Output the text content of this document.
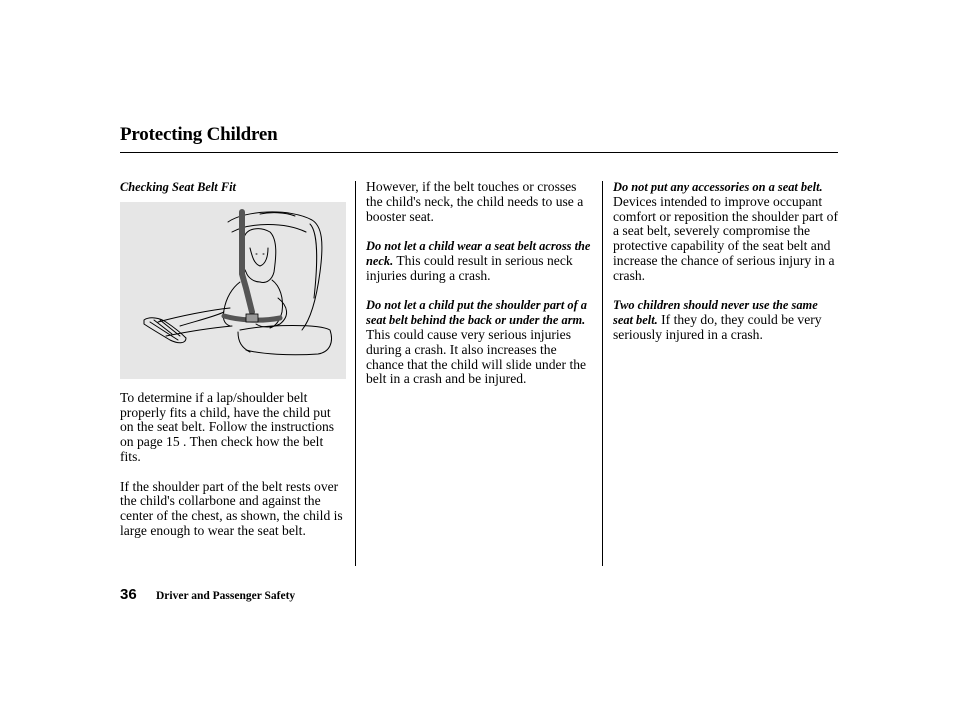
Protecting Children

Checking Seat Belt Fit

To determine if a lap/shoulder belt properly fits a child, have the child put on the seat belt. Follow the instructions on page 15 . Then check how the belt fits.

If the shoulder part of the belt rests over the child's collarbone and against the center of the chest, as shown, the child is large enough to wear the seat belt.

However, if the belt touches or crosses the child's neck, the child needs to use a booster seat.

Do not let a child wear a seat belt across the neck. This could result in serious neck injuries during a crash.

Do not let a child put the shoulder part of a seat belt behind the back or under the arm. This could cause very serious injuries during a crash. It also increases the chance that the child will slide under the belt in a crash and be injured.

Do not put any accessories on a seat belt. Devices intended to improve occupant comfort or reposition the shoulder part of a seat belt, severely compromise the protective capability of the seat belt and increase the chance of serious injury in a crash.

Two children should never use the same seat belt. If they do, they could be very seriously injured in a crash.

36 Driver and Passenger Safety
